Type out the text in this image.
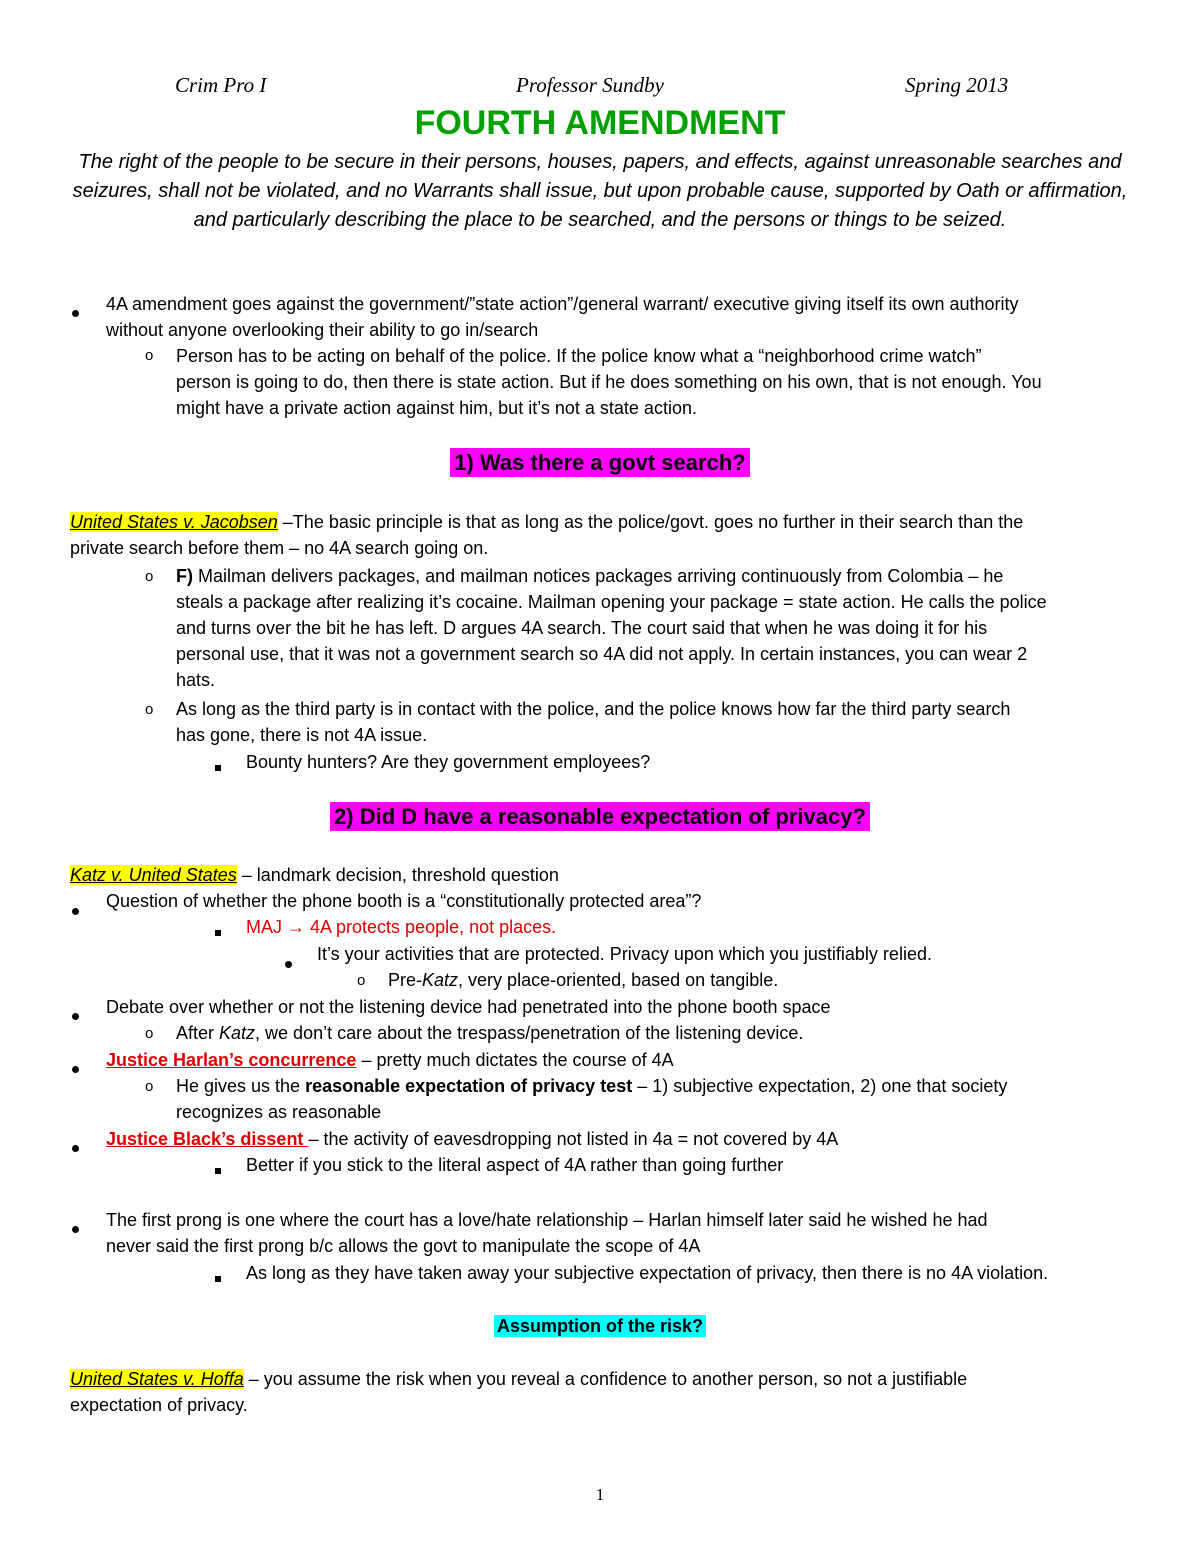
Crim Pro I	Professor Sundby	Spring 2013
FOURTH AMENDMENT
The right of the people to be secure in their persons, houses, papers, and effects, against unreasonable searches and seizures, shall not be violated, and no Warrants shall issue, but upon probable cause, supported by Oath or affirmation, and particularly describing the place to be searched, and the persons or things to be seized.
4A amendment goes against the government/”state action”/general warrant/ executive giving itself its own authority
without anyone overlooking their ability to go in/search
o Person has to be acting on behalf of the police. If the police know what a “neighborhood crime watch”
person is going to do, then there is state action. But if he does something on his own, that is not enough. You
might have a private action against him, but it’s not a state action.
1) Was there a govt search?
United States v. Jacobsen –The basic principle is that as long as the police/govt. goes no further in their search than the
private search before them – no 4A search going on.
o F) Mailman delivers packages, and mailman notices packages arriving continuously from Colombia – he
steals a package after realizing it’s cocaine. Mailman opening your package = state action. He calls the police
and turns over the bit he has left. D argues 4A search. The court said that when he was doing it for his
personal use, that it was not a government search so 4A did not apply. In certain instances, you can wear 2
hats.
o As long as the third party is in contact with the police, and the police knows how far the third party search
has gone, there is not 4A issue.
Bounty hunters? Are they government employees?
2) Did D have a reasonable expectation of privacy?
Katz v. United States – landmark decision, threshold question
Question of whether the phone booth is a “constitutionally protected area”?
MAJ → 4A protects people, not places.
It’s your activities that are protected. Privacy upon which you justifiably relied.
o Pre-Katz, very place-oriented, based on tangible.
Debate over whether or not the listening device had penetrated into the phone booth space
o After Katz, we don’t care about the trespass/penetration of the listening device.
Justice Harlan’s concurrence – pretty much dictates the course of 4A
o He gives us the reasonable expectation of privacy test – 1) subjective expectation, 2) one that society
recognizes as reasonable
Justice Black’s dissent – the activity of eavesdropping not listed in 4a = not covered by 4A
Better if you stick to the literal aspect of 4A rather than going further
The first prong is one where the court has a love/hate relationship – Harlan himself later said he wished he had
never said the first prong b/c allows the govt to manipulate the scope of 4A
As long as they have taken away your subjective expectation of privacy, then there is no 4A violation.
Assumption of the risk?
United States v. Hoffa – you assume the risk when you reveal a confidence to another person, so not a justifiable
expectation of privacy.
1
